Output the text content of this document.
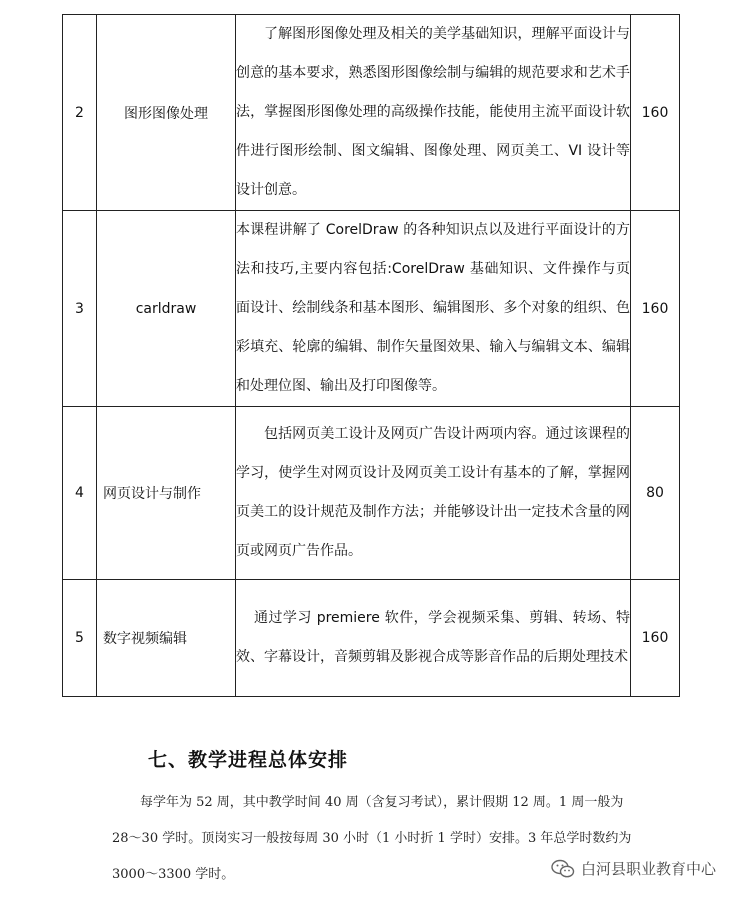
2	图形图像处理	了解图形图像处理及相关的美学基础知识，理解平面设计与创意的基本要求，熟悉图形图像绘制与编辑的规范要求和艺术手法，掌握图形图像处理的高级操作技能，能使用主流平面设计软件进行图形绘制、图文编辑、图像处理、网页美工、VI 设计等设计创意。	160
3	carldraw	本课程讲解了 CorelDraw 的各种知识点以及进行平面设计的方法和技巧,主要内容包括:CorelDraw 基础知识、文件操作与页面设计、绘制线条和基本图形、编辑图形、多个对象的组织、色彩填充、轮廓的编辑、制作矢量图效果、输入与编辑文本、编辑和处理位图、输出及打印图像等。	160
4	网页设计与制作	包括网页美工设计及网页广告设计两项内容。通过该课程的学习，使学生对网页设计及网页美工设计有基本的了解，掌握网页美工的设计规范及制作方法；并能够设计出一定技术含量的网页或网页广告作品。	80
5	数字视频编辑	通过学习 premiere 软件，学会视频采集、剪辑、转场、特效、字幕设计，音频剪辑及影视合成等影音作品的后期处理技术	160
七、教学进程总体安排

每学年为 52 周，其中教学时间 40 周（含复习考试），累计假期 12 周。1 周一般为 28～30 学时。顶岗实习一般按每周 30 小时（1 小时折 1 学时）安排。3 年总学时数约为 3000～3300 学时。	白河县职业教育中心
